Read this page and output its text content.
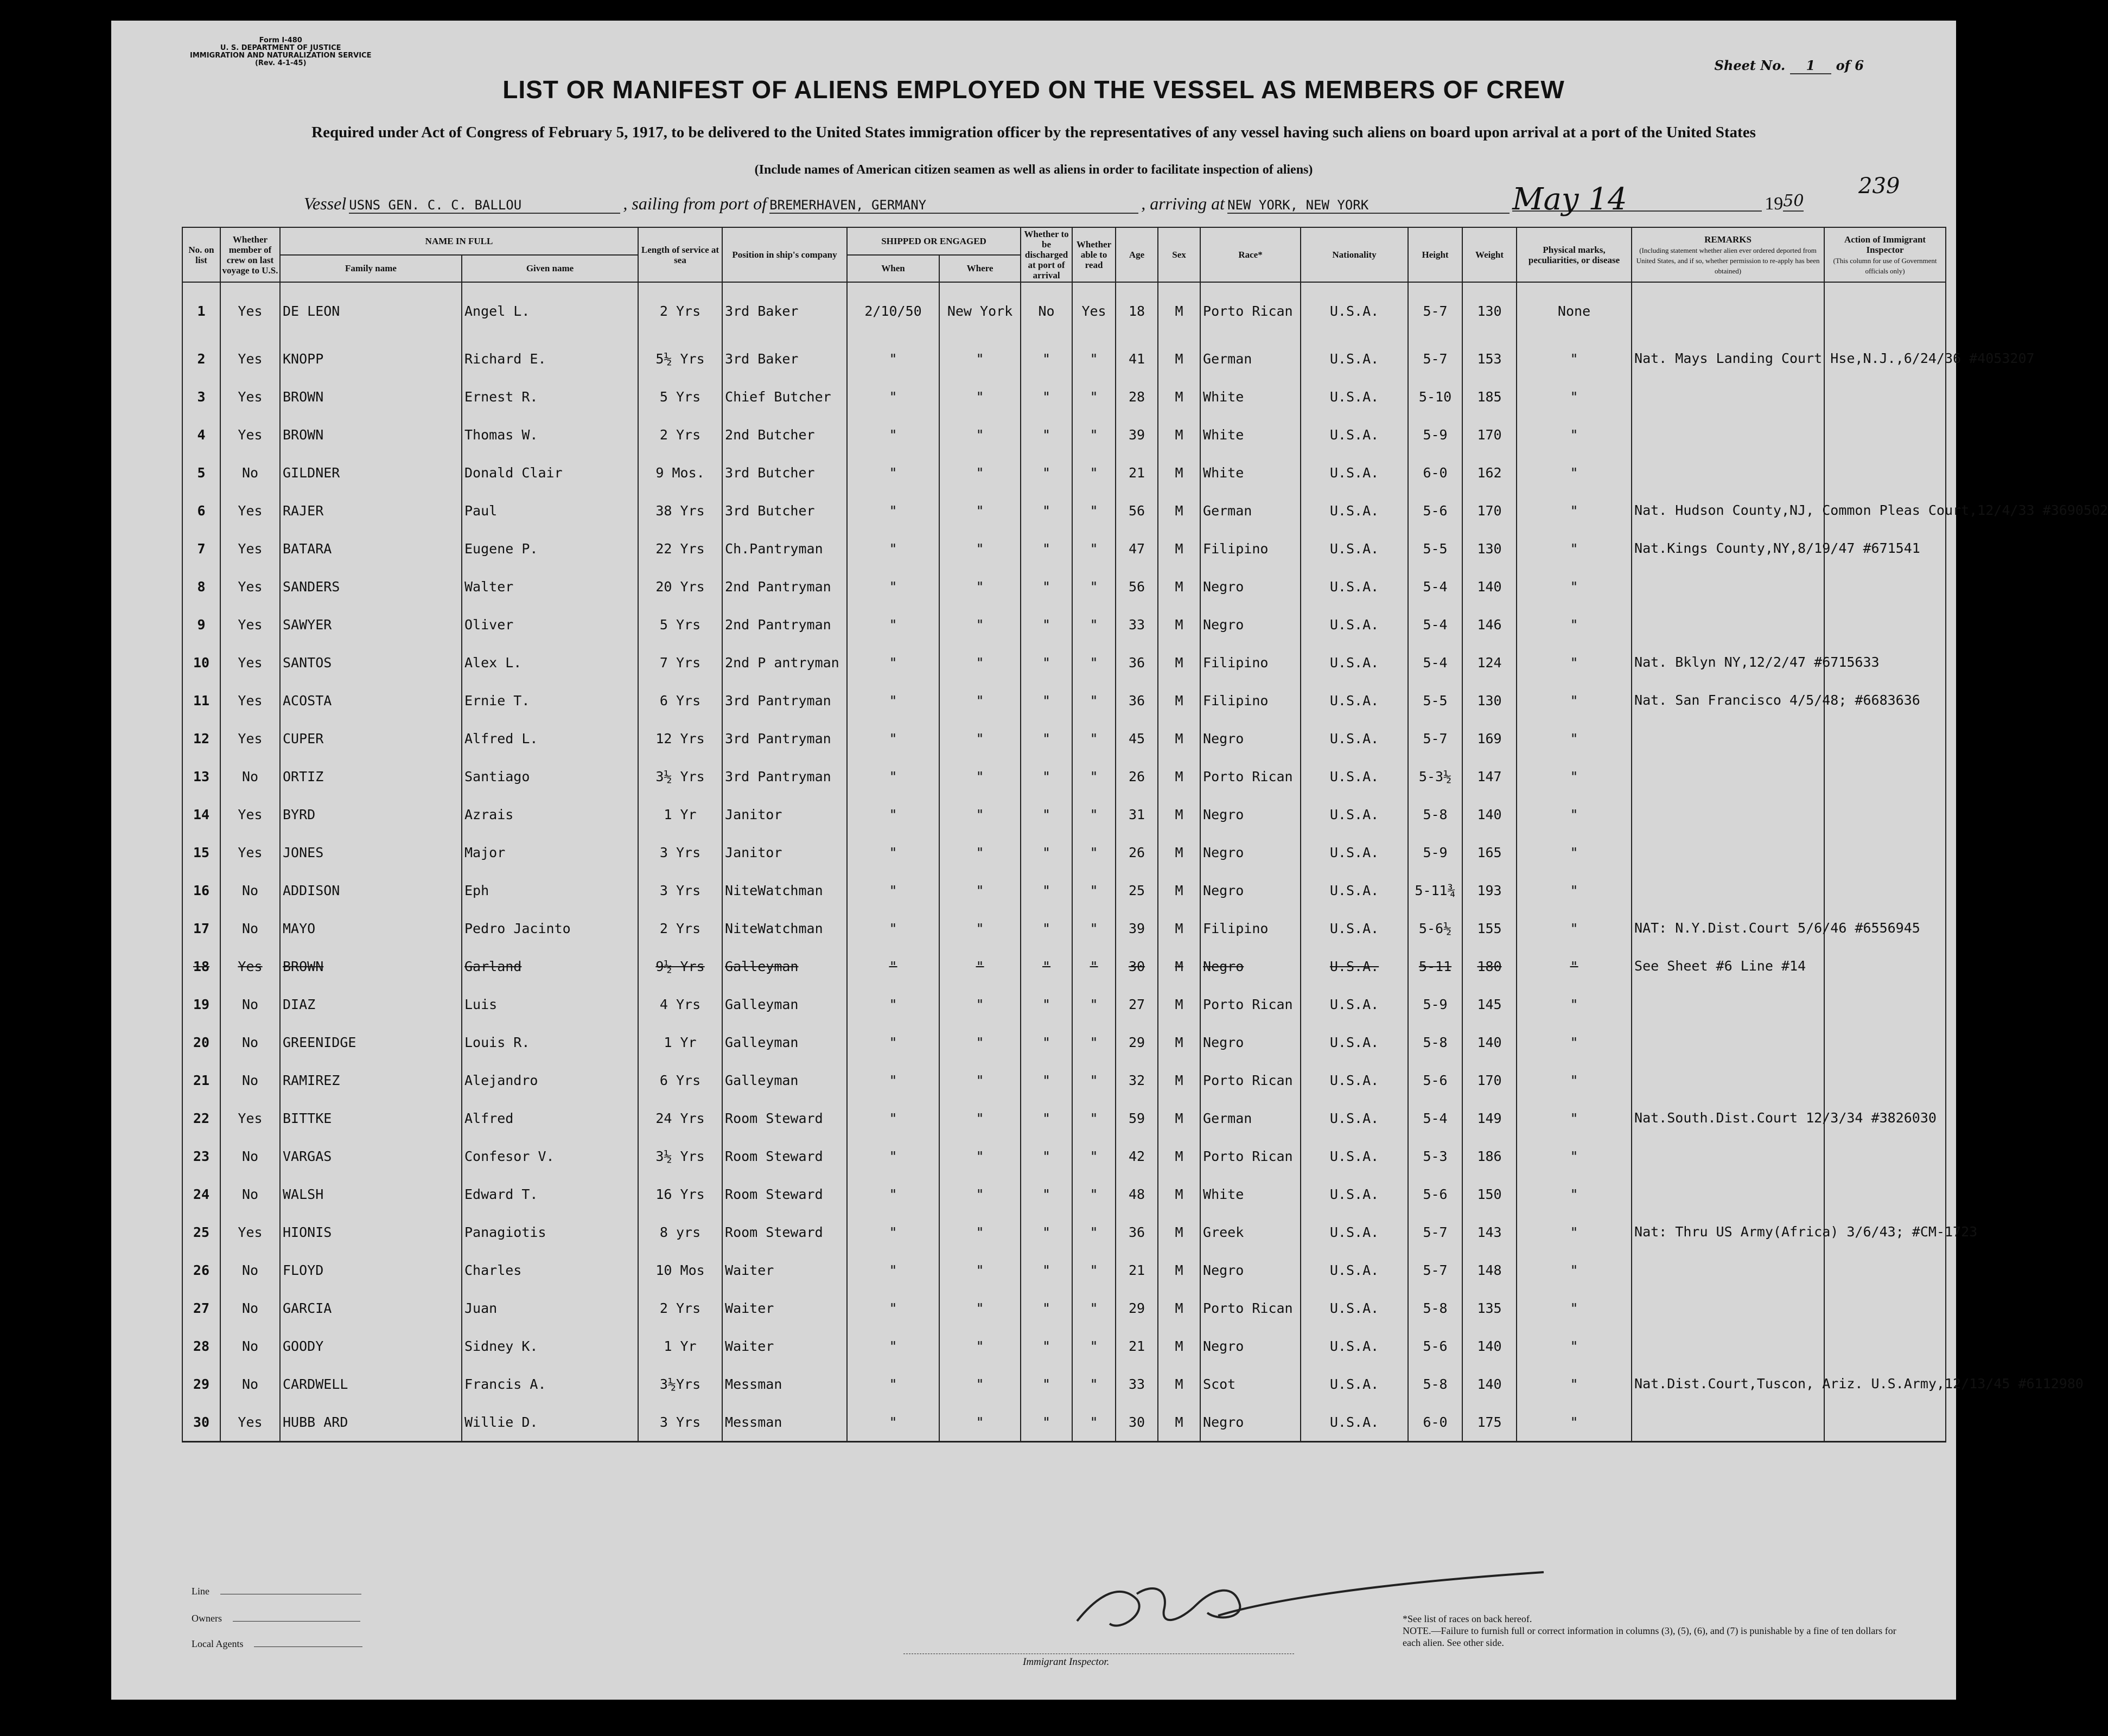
Form I-480
U. S. DEPARTMENT OF JUSTICE
IMMIGRATION AND NATURALIZATION SERVICE
(Rev. 4-1-45)	Sheet No. 1 of 6
LIST OR MANIFEST OF ALIENS EMPLOYED ON THE VESSEL AS MEMBERS OF CREW
Required under Act of Congress of February 5, 1917, to be delivered to the United States immigration officer by the representatives of any vessel having such aliens on board upon arrival at a port of the United States
(Include names of American citizen seamen as well as aliens in order to facilitate inspection of aliens)
239
Vessel USNS GEN. C. C. BALLOU	, sailing from port of BREMERHAVEN, GERMANY	, arriving at NEW YORK, NEW YORK	May 14	1950
No. on list	Whether member of crew on last voyage to U.S.	NAME IN FULL		Length of service at sea	Position in ship's company	SHIPPED OR ENGAGED		Whether to be discharged at port of arrival	Whether able to read	Age	Sex	Race*	Nationality	Height	Weight	Physical marks, peculiarities, or disease	REMARKS
(Including statement whether alien ever ordered deported from United States, and if so, whether permission to re-apply has been obtained)	Action of Immigrant Inspector
(This column for use of Government officials only)
		Family name	Given name			When	Where											
1	Yes	DE LEON	Angel L.	2 Yrs	3rd Baker	2/10/50	New York	No	Yes	18	M	Porto Rican	U.S.A.	5-7	130	None		
2	Yes	KNOPP	Richard E.	5½ Yrs	3rd Baker	"	"	"	"	41	M	German	U.S.A.	5-7	153	"	Nat. Mays Landing Court Hse,N.J.,6/24/36 #4053207	
3	Yes	BROWN	Ernest R.	5 Yrs	Chief Butcher	"	"	"	"	28	M	White	U.S.A.	5-10	185	"		
4	Yes	BROWN	Thomas W.	2 Yrs	2nd Butcher	"	"	"	"	39	M	White	U.S.A.	5-9	170	"		
5	No	GILDNER	Donald Clair	9 Mos.	3rd Butcher	"	"	"	"	21	M	White	U.S.A.	6-0	162	"		
6	Yes	RAJER	Paul	38 Yrs	3rd Butcher	"	"	"	"	56	M	German	U.S.A.	5-6	170	"	Nat. Hudson County,NJ, Common Pleas Court,12/4/33 #3690502	
7	Yes	BATARA	Eugene P.	22 Yrs	Ch.Pantryman	"	"	"	"	47	M	Filipino	U.S.A.	5-5	130	"	Nat.Kings County,NY,8/19/47 #671541	
8	Yes	SANDERS	Walter	20 Yrs	2nd Pantryman	"	"	"	"	56	M	Negro	U.S.A.	5-4	140	"		
9	Yes	SAWYER	Oliver	5 Yrs	2nd Pantryman	"	"	"	"	33	M	Negro	U.S.A.	5-4	146	"		
10	Yes	SANTOS	Alex L.	7 Yrs	2nd P antryman	"	"	"	"	36	M	Filipino	U.S.A.	5-4	124	"	Nat. Bklyn NY,12/2/47 #6715633	
11	Yes	ACOSTA	Ernie T.	6 Yrs	3rd Pantryman	"	"	"	"	36	M	Filipino	U.S.A.	5-5	130	"	Nat. San Francisco 4/5/48; #6683636	
12	Yes	CUPER	Alfred L.	12 Yrs	3rd Pantryman	"	"	"	"	45	M	Negro	U.S.A.	5-7	169	"		
13	No	ORTIZ	Santiago	3½ Yrs	3rd Pantryman	"	"	"	"	26	M	Porto Rican	U.S.A.	5-3½	147	"		
14	Yes	BYRD	Azrais	1 Yr	Janitor	"	"	"	"	31	M	Negro	U.S.A.	5-8	140	"		
15	Yes	JONES	Major	3 Yrs	Janitor	"	"	"	"	26	M	Negro	U.S.A.	5-9	165	"		
16	No	ADDISON	Eph	3 Yrs	NiteWatchman	"	"	"	"	25	M	Negro	U.S.A.	5-11¾	193	"		
17	No	MAYO	Pedro Jacinto	2 Yrs	NiteWatchman	"	"	"	"	39	M	Filipino	U.S.A.	5-6½	155	"	NAT: N.Y.Dist.Court 5/6/46 #6556945	
18	Yes	BROWN	Garland	9½ Yrs	Galleyman	"	"	"	"	30	M	Negro	U.S.A.	5-11	180	"	See Sheet #6 Line #14	
19	No	DIAZ	Luis	4 Yrs	Galleyman	"	"	"	"	27	M	Porto Rican	U.S.A.	5-9	145	"		
20	No	GREENIDGE	Louis R.	1 Yr	Galleyman	"	"	"	"	29	M	Negro	U.S.A.	5-8	140	"		
21	No	RAMIREZ	Alejandro	6 Yrs	Galleyman	"	"	"	"	32	M	Porto Rican	U.S.A.	5-6	170	"		
22	Yes	BITTKE	Alfred	24 Yrs	Room Steward	"	"	"	"	59	M	German	U.S.A.	5-4	149	"	Nat.South.Dist.Court 12/3/34 #3826030	
23	No	VARGAS	Confesor V.	3½ Yrs	Room Steward	"	"	"	"	42	M	Porto Rican	U.S.A.	5-3	186	"		
24	No	WALSH	Edward T.	16 Yrs	Room Steward	"	"	"	"	48	M	White	U.S.A.	5-6	150	"		
25	Yes	HIONIS	Panagiotis	8 yrs	Room Steward	"	"	"	"	36	M	Greek	U.S.A.	5-7	143	"	Nat: Thru US Army(Africa) 3/6/43; #CM-1723	
26	No	FLOYD	Charles	10 Mos	Waiter	"	"	"	"	21	M	Negro	U.S.A.	5-7	148	"		
27	No	GARCIA	Juan	2 Yrs	Waiter	"	"	"	"	29	M	Porto Rican	U.S.A.	5-8	135	"		
28	No	GOODY	Sidney K.	1 Yr	Waiter	"	"	"	"	21	M	Negro	U.S.A.	5-6	140	"		
29	No	CARDWELL	Francis A.	3½Yrs	Messman	"	"	"	"	33	M	Scot	U.S.A.	5-8	140	"	Nat.Dist.Court,Tuscon, Ariz. U.S.Army,12/13/45 #6112980	
30	Yes	HUBB ARD	Willie D.	3 Yrs	Messman	"	"	"	"	30	M	Negro	U.S.A.	6-0	175	"		
Line
Owners
Local Agents
Immigrant Inspector.
*See list of races on back hereof.
NOTE.—Failure to furnish full or correct information in columns (3), (5), (6), and (7) is punishable by a fine of ten dollars for each alien. See other side.
